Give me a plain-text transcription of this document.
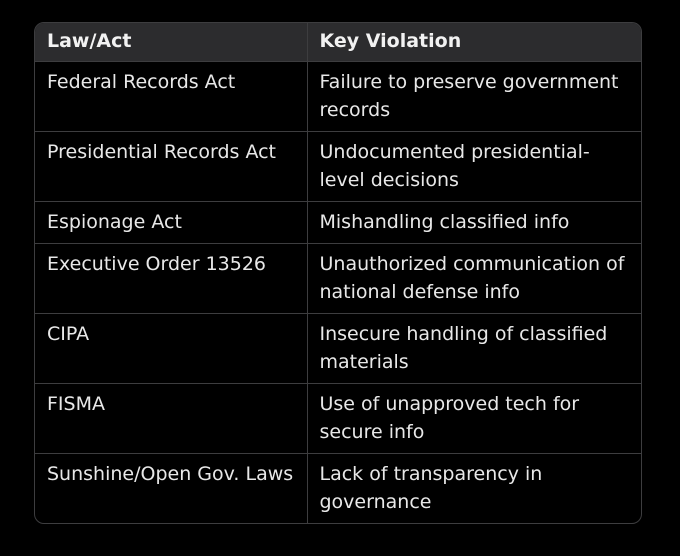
Law/Act	Key Violation
Federal Records Act	Failure to preserve government records
Presidential Records Act	Undocumented presidential-level decisions
Espionage Act	Mishandling classified info
Executive Order 13526	Unauthorized communication of national defense info
CIPA	Insecure handling of classified materials
FISMA	Use of unapproved tech for secure info
Sunshine/Open Gov. Laws	Lack of transparency in governance
